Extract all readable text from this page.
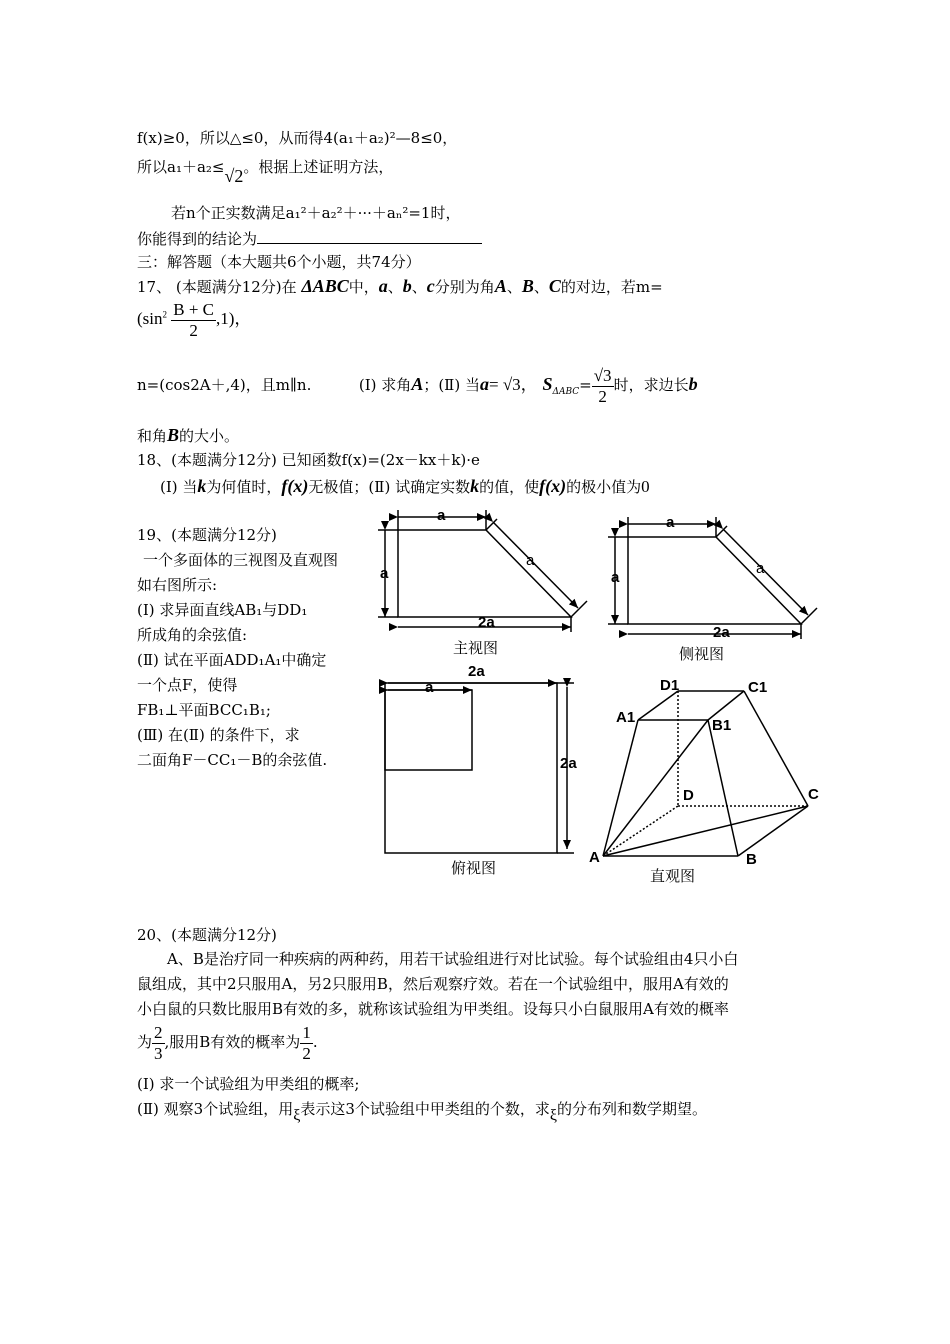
f(x)≥0，所以△≤0，从而得4(a₁＋a₂)²—8≤0，
所以a₁＋a₂≤√2。根据上述证明方法，
若n个正实数满足a₁²＋a₂²＋···＋aₙ²=1时，
你能得到的结论为
三：解答题（本大题共6个小题，共74分）
17、 (本题满分12分)在 ΔABC中，a、b、c分别为角A、B、C的对边，若m=
$(\sin^2 \frac{B + C}{2} ,1)$，
n=(cos2A＋,4)，且m∥n.	(Ⅰ) 求角A；(Ⅱ) 当a= √3， $S_{\Delta ABC}= \frac{√3}{2}$ 时，求边长b
和角B的大小。
18、(本题满分12分) 已知函数f(x)=(2x－kx＋k)·e
(Ⅰ) 当k为何值时，f(x)无极值；(Ⅱ) 试确定实数k的值，使f(x)的极小值为0
19、(本题满分12分)
一个多面体的三视图及直观图
如右图所示:
(Ⅰ) 求异面直线AB₁与DD₁
所成角的余弦值:
(Ⅱ) 试在平面ADD₁A₁中确定
一个点F，使得
FB₁⊥平面BCC₁B₁;
(Ⅲ) 在(Ⅱ) 的条件下，求
二面角F－CC₁－B的余弦值.
a
a
a
2a
a
a
a
2a
2a
a
2a
A	B
C
D
A1	B1
C1
D1
主视图	侧视图
俯视图	直观图
20、(本题满分12分)
A、B是治疗同一种疾病的两种药，用若干试验组进行对比试验。每个试验组由4只小白
鼠组成，其中2只服用A，另2只服用B，然后观察疗效。若在一个试验组中，服用A有效的
小白鼠的只数比服用B有效的多，就称该试验组为甲类组。设每只小白鼠服用A有效的概率
为 $\frac{2}{3}$ ,服用B有效的概率为 $\frac{1}{2}$ .
(Ⅰ) 求一个试验组为甲类组的概率;
(Ⅱ) 观察3个试验组，用ξ表示这3个试验组中甲类组的个数，求ξ的分布列和数学期望。
